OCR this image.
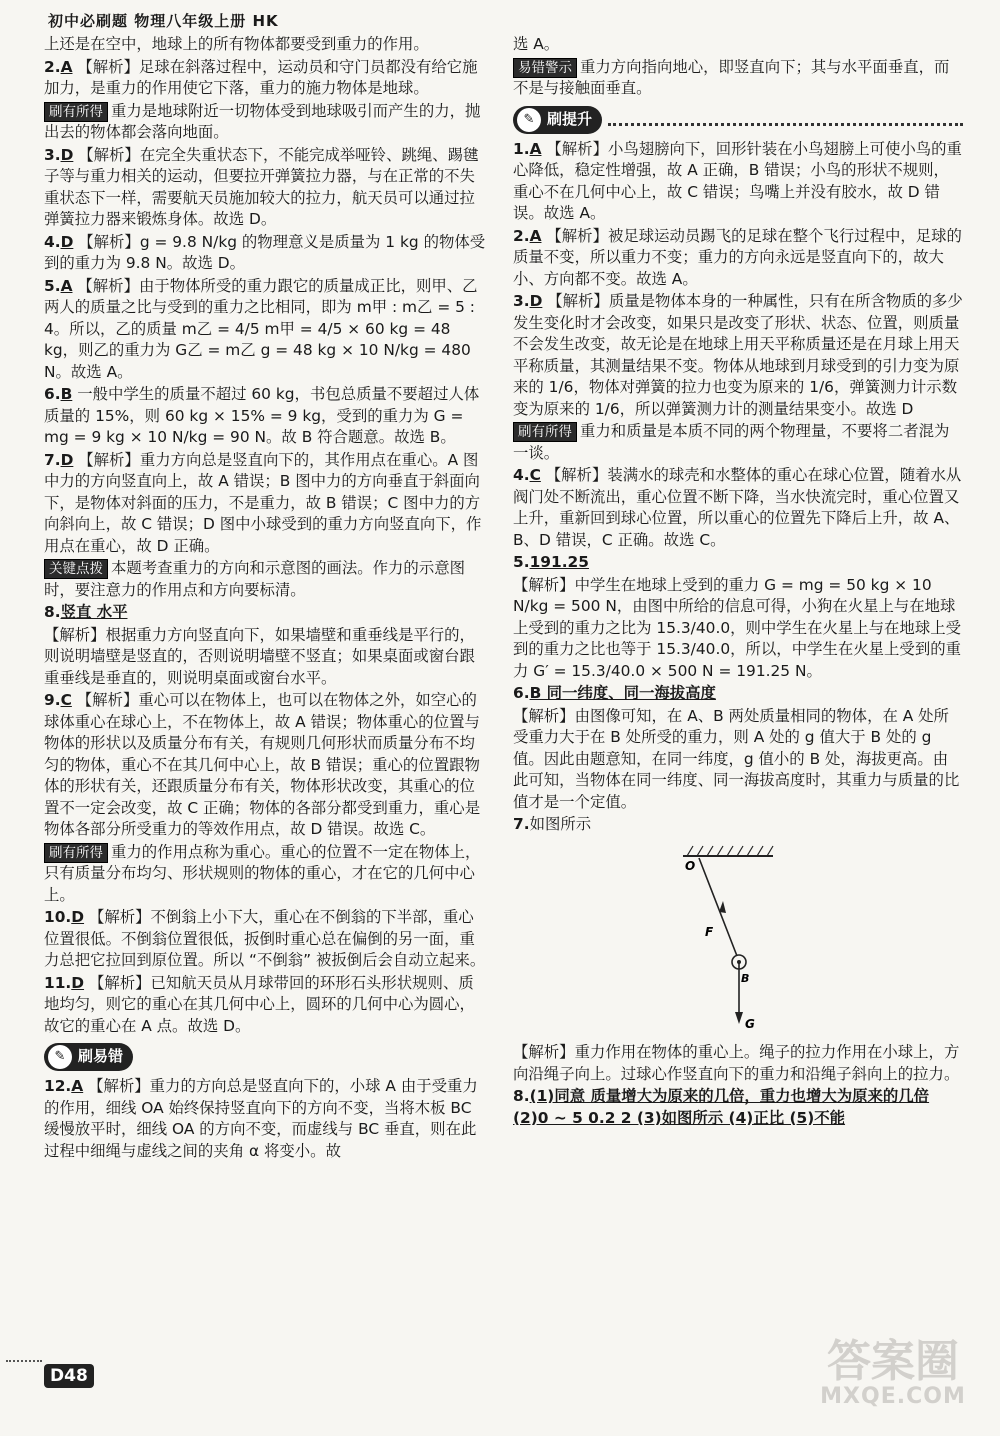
初中必刷题 物理八年级上册 HK
上还是在空中，地球上的所有物体都要受到重力的作用。
2.A 【解析】足球在斜落过程中，运动员和守门员都没有给它施加力，是重力的作用使它下落，重力的施力物体是地球。
刷有所得 重力是地球附近一切物体受到地球吸引而产生的力，抛出去的物体都会落向地面。
3.D 【解析】在完全失重状态下，不能完成举哑铃、跳绳、踢毽子等与重力相关的运动，但要拉开弹簧拉力器，与在正常的不失重状态下一样，需要航天员施加较大的拉力，航天员可以通过拉弹簧拉力器来锻炼身体。故选 D。
4.D 【解析】g = 9.8 N/kg 的物理意义是质量为 1 kg 的物体受到的重力为 9.8 N。故选 D。
5.A 【解析】由于物体所受的重力跟它的质量成正比，则甲、乙两人的质量之比与受到的重力之比相同，即为 m甲 : m乙 = 5 : 4。所以，乙的质量 m乙 = 4/5 m甲 = 4/5 × 60 kg = 48 kg，则乙的重力为 G乙 = m乙 g = 48 kg × 10 N/kg = 480 N。故选 A。
6.B 一般中学生的质量不超过 60 kg，书包总质量不要超过人体质量的 15%，则 60 kg × 15% = 9 kg，受到的重力为 G = mg = 9 kg × 10 N/kg = 90 N。故 B 符合题意。故选 B。
7.D 【解析】重力方向总是竖直向下的，其作用点在重心。A 图中力的方向竖直向上，故 A 错误；B 图中力的方向垂直于斜面向下，是物体对斜面的压力，不是重力，故 B 错误；C 图中力的方向斜向上，故 C 错误；D 图中小球受到的重力方向竖直向下，作用点在重心，故 D 正确。
关键点拨 本题考查重力的方向和示意图的画法。作力的示意图时，要注意力的作用点和方向要标清。
8.竖直 水平
【解析】根据重力方向竖直向下，如果墙壁和重垂线是平行的，则说明墙壁是竖直的，否则说明墙壁不竖直；如果桌面或窗台跟重垂线是垂直的，则说明桌面或窗台水平。
9.C 【解析】重心可以在物体上，也可以在物体之外，如空心的球体重心在球心上，不在物体上，故 A 错误；物体重心的位置与物体的形状以及质量分布有关，有规则几何形状而质量分布不均匀的物体，重心不在其几何中心上，故 B 错误；重心的位置跟物体的形状有关，还跟质量分布有关，物体形状改变，其重心的位置不一定会改变，故 C 正确；物体的各部分都受到重力，重心是物体各部分所受重力的等效作用点，故 D 错误。故选 C。
刷有所得 重力的作用点称为重心。重心的位置不一定在物体上，只有质量分布均匀、形状规则的物体的重心，才在它的几何中心上。
10.D 【解析】不倒翁上小下大，重心在不倒翁的下半部，重心位置很低。不倒翁位置很低，扳倒时重心总在偏倒的另一面，重力总把它拉回到原位置。所以 “不倒翁” 被扳倒后会自动立起来。
11.D 【解析】已知航天员从月球带回的环形石头形状规则、质地均匀，则它的重心在其几何中心上，圆环的几何中心为圆心，故它的重心在 A 点。故选 D。
✎ 刷易错
12.A 【解析】重力的方向总是竖直向下的，小球 A 由于受重力的作用，细线 OA 始终保持竖直向下的方向不变，当将木板 BC 缓慢放平时，细线 OA 的方向不变，而虚线与 BC 垂直，则在此过程中细绳与虚线之间的夹角 α 将变小。故
选 A。
易错警示 重力方向指向地心，即竖直向下；其与水平面垂直，而不是与接触面垂直。
✎ 刷提升
1.A 【解析】小鸟翅膀向下，回形针装在小鸟翅膀上可使小鸟的重心降低，稳定性增强，故 A 正确，B 错误；小鸟的形状不规则，重心不在几何中心上，故 C 错误；鸟嘴上并没有胶水，故 D 错误。故选 A。
2.A 【解析】被足球运动员踢飞的足球在整个飞行过程中，足球的质量不变，所以重力不变；重力的方向永远是竖直向下的，故大小、方向都不变。故选 A。
3.D 【解析】质量是物体本身的一种属性，只有在所含物质的多少发生变化时才会改变，如果只是改变了形状、状态、位置，则质量不会发生改变，故无论是在地球上用天平称质量还是在月球上用天平称质量，其测量结果不变。物体从地球到月球受到的引力变为原来的 1/6，物体对弹簧的拉力也变为原来的 1/6，弹簧测力计示数变为原来的 1/6，所以弹簧测力计的测量结果变小。故选 D
刷有所得 重力和质量是本质不同的两个物理量，不要将二者混为一谈。
4.C 【解析】装满水的球壳和水整体的重心在球心位置，随着水从阀门处不断流出，重心位置不断下降，当水快流完时，重心位置又上升，重新回到球心位置，所以重心的位置先下降后上升，故 A、B、D 错误，C 正确。故选 C。
5.191.25
【解析】中学生在地球上受到的重力 G = mg = 50 kg × 10 N/kg = 500 N，由图中所给的信息可得，小狗在火星上与在地球上受到的重力之比为 15.3/40.0，则中学生在火星上与在地球上受到的重力之比也等于 15.3/40.0，所以，中学生在火星上受到的重力 G′ = 15.3/40.0 × 500 N = 191.25 N。
6.B 同一纬度、同一海拔高度
【解析】由图像可知，在 A、B 两处质量相同的物体，在 A 处所受重力大于在 B 处所受的重力，则 A 处的 g 值大于 B 处的 g 值。因此由题意知，在同一纬度，g 值小的 B 处，海拔更高。由此可知，当物体在同一纬度、同一海拔高度时，其重力与质量的比值才是一个定值。
7.如图所示
O
F
B
G
【解析】重力作用在物体的重心上。绳子的拉力作用在小球上，方向沿绳子向上。过球心作竖直向下的重力和沿绳子斜向上的拉力。
8.(1)同意 质量增大为原来的几倍，重力也增大为原来的几倍 (2)0 ~ 5 0.2 2 (3)如图所示 (4)正比 (5)不能
D48	答案圈
MXQE.COM
